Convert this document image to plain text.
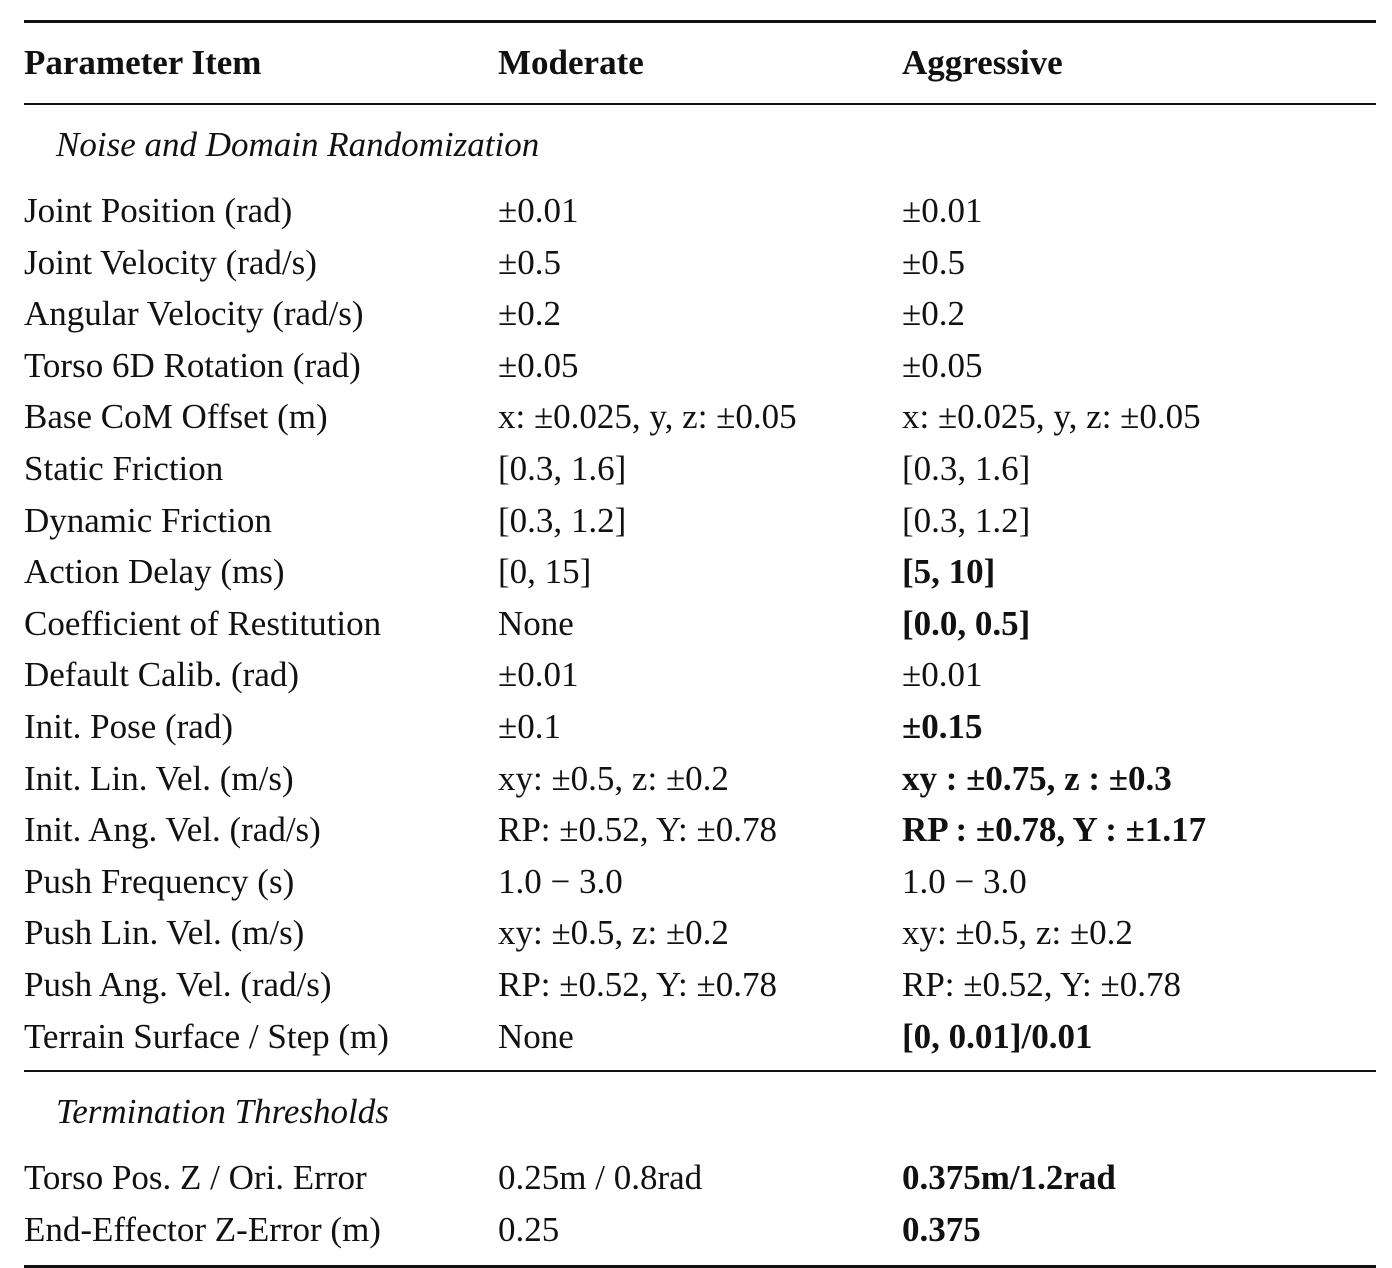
Parameter Item	Moderate	Aggressive
Noise and Domain Randomization		
Joint Position (rad)	±0.01	±0.01
Joint Velocity (rad/s)	±0.5	±0.5
Angular Velocity (rad/s)	±0.2	±0.2
Torso 6D Rotation (rad)	±0.05	±0.05
Base CoM Offset (m)	x: ±0.025, y, z: ±0.05	x: ±0.025, y, z: ±0.05
Static Friction	[0.3, 1.6]	[0.3, 1.6]
Dynamic Friction	[0.3, 1.2]	[0.3, 1.2]
Action Delay (ms)	[0, 15]	[5, 10]
Coefficient of Restitution	None	[0.0, 0.5]
Default Calib. (rad)	±0.01	±0.01
Init. Pose (rad)	±0.1	±0.15
Init. Lin. Vel. (m/s)	xy: ±0.5, z: ±0.2	xy : ±0.75, z : ±0.3
Init. Ang. Vel. (rad/s)	RP: ±0.52, Y: ±0.78	RP : ±0.78, Y : ±1.17
Push Frequency (s)	1.0 − 3.0	1.0 − 3.0
Push Lin. Vel. (m/s)	xy: ±0.5, z: ±0.2	xy: ±0.5, z: ±0.2
Push Ang. Vel. (rad/s)	RP: ±0.52, Y: ±0.78	RP: ±0.52, Y: ±0.78
Terrain Surface / Step (m)	None	[0, 0.01]/0.01
Termination Thresholds		
Torso Pos. Z / Ori. Error	0.25m / 0.8rad	0.375m/1.2rad
End-Effector Z-Error (m)	0.25	0.375
